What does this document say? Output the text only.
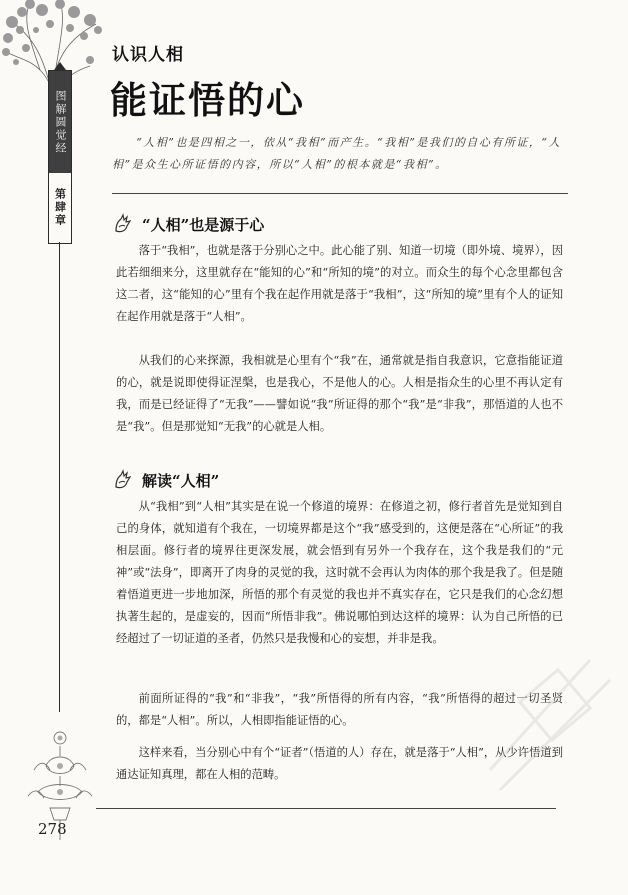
图解圆觉经
第肆章
认识人相
能证悟的心
“人相”也是四相之一，依从“我相”而产生。“我相”是我们的自心有所证，“人相”是众生心所证悟的内容，所以“人相”的根本就是“我相”。
“人相”也是源于心
落于“我相”，也就是落于分别心之中。此心能了别、知道一切境（即外境、境界），因此若细细来分，这里就存在“能知的心”和“所知的境”的对立。而众生的每个心念里都包含这二者，这“能知的心”里有个我在起作用就是落于“我相”，这“所知的境”里有个人的证知在起作用就是落于“人相”。
从我们的心来探源，我相就是心里有个“我”在，通常就是指自我意识，它意指能证道的心，就是说即使得证涅槃，也是我心，不是他人的心。人相是指众生的心里不再认定有我，而是已经证得了“无我”——譬如说“我”所证得的那个“我”是“非我”，那悟道的人也不是“我”。但是那觉知“无我”的心就是人相。
解读“人相”
从“我相”到“人相”其实是在说一个修道的境界：在修道之初，修行者首先是觉知到自己的身体，就知道有个我在，一切境界都是这个“我”感受到的，这便是落在“心所证”的我相层面。修行者的境界往更深发展，就会悟到有另外一个我存在，这个我是我们的“元神”或“法身”，即离开了肉身的灵觉的我，这时就不会再认为肉体的那个我是我了。但是随着悟道更进一步地加深，所悟的那个有灵觉的我也并不真实存在，它只是我们的心念幻想执著生起的，是虚妄的，因而“所悟非我”。佛说哪怕到达这样的境界：认为自己所悟的已经超过了一切证道的圣者，仍然只是我慢和心的妄想，并非是我。
前面所证得的“我”和“非我”，“我”所悟得的所有内容，“我”所悟得的超过一切圣贤的，都是“人相”。所以，人相即指能证悟的心。
这样来看，当分别心中有个“证者”（悟道的人）存在，就是落于“人相”，从少许悟道到通达证知真理，都在人相的范畴。
278
